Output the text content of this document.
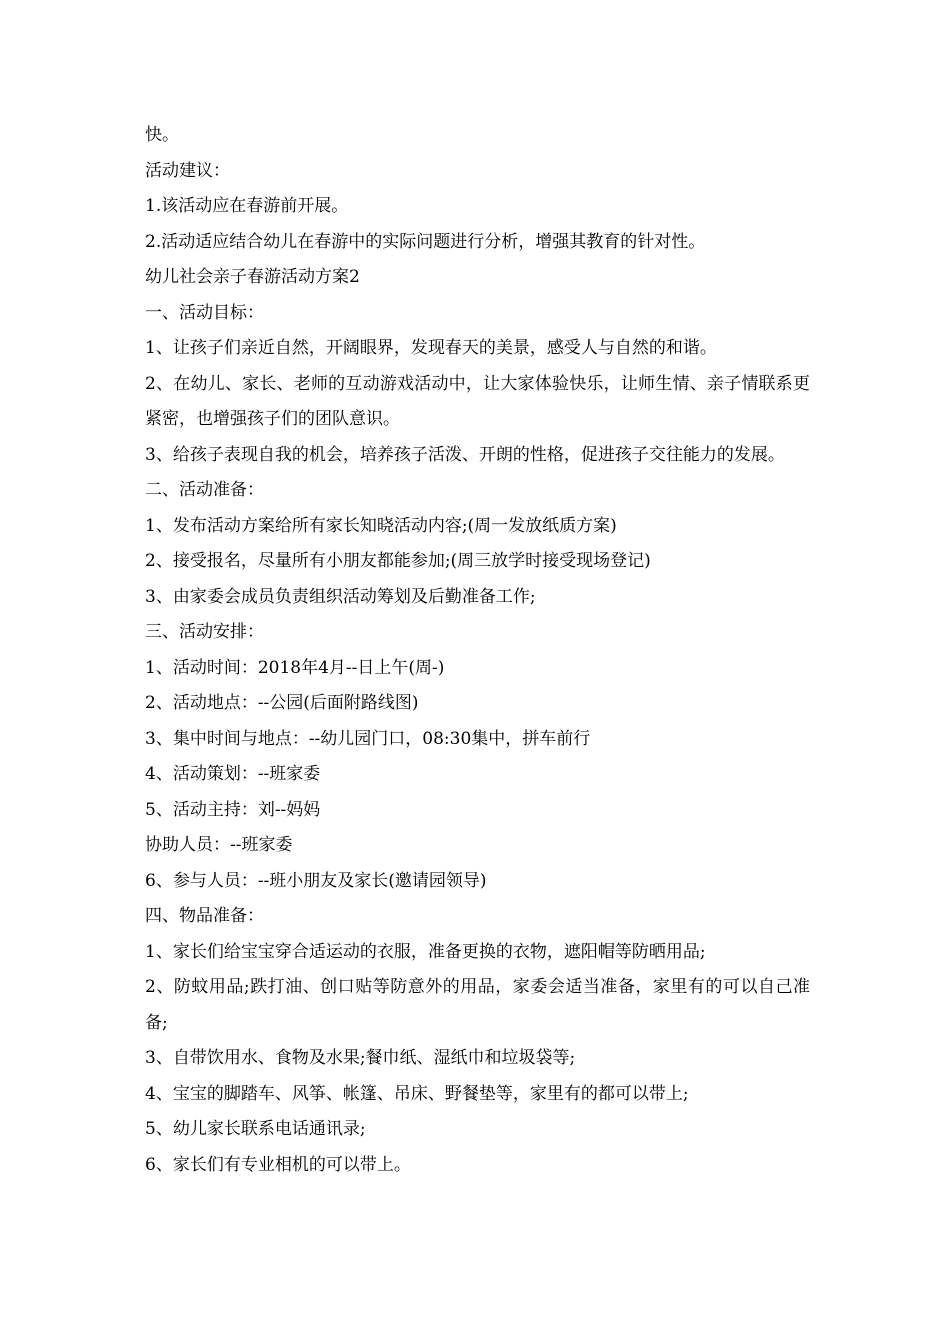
快。

活动建议：

1.该活动应在春游前开展。

2.活动适应结合幼儿在春游中的实际问题进行分析，增强其教育的针对性。

幼儿社会亲子春游活动方案2

一、活动目标：

1、让孩子们亲近自然，开阔眼界，发现春天的美景，感受人与自然的和谐。

2、在幼儿、家长、老师的互动游戏活动中，让大家体验快乐，让师生情、亲子情联系更紧密，也增强孩子们的团队意识。

3、给孩子表现自我的机会，培养孩子活泼、开朗的性格，促进孩子交往能力的发展。

二、活动准备：

1、发布活动方案给所有家长知晓活动内容;(周一发放纸质方案)

2、接受报名，尽量所有小朋友都能参加;(周三放学时接受现场登记)

3、由家委会成员负责组织活动筹划及后勤准备工作;

三、活动安排：

1、活动时间：2018年4月--日上午(周-)

2、活动地点：--公园(后面附路线图)

3、集中时间与地点：--幼儿园门口，08:30集中，拼车前行

4、活动策划：--班家委

5、活动主持：刘--妈妈

协助人员：--班家委

6、参与人员：--班小朋友及家长(邀请园领导)

四、物品准备：

1、家长们给宝宝穿合适运动的衣服，准备更换的衣物，遮阳帽等防晒用品;

2、防蚊用品;跌打油、创口贴等防意外的用品，家委会适当准备，家里有的可以自己准备;

3、自带饮用水、食物及水果;餐巾纸、湿纸巾和垃圾袋等;

4、宝宝的脚踏车、风筝、帐篷、吊床、野餐垫等，家里有的都可以带上;

5、幼儿家长联系电话通讯录;

6、家长们有专业相机的可以带上。
